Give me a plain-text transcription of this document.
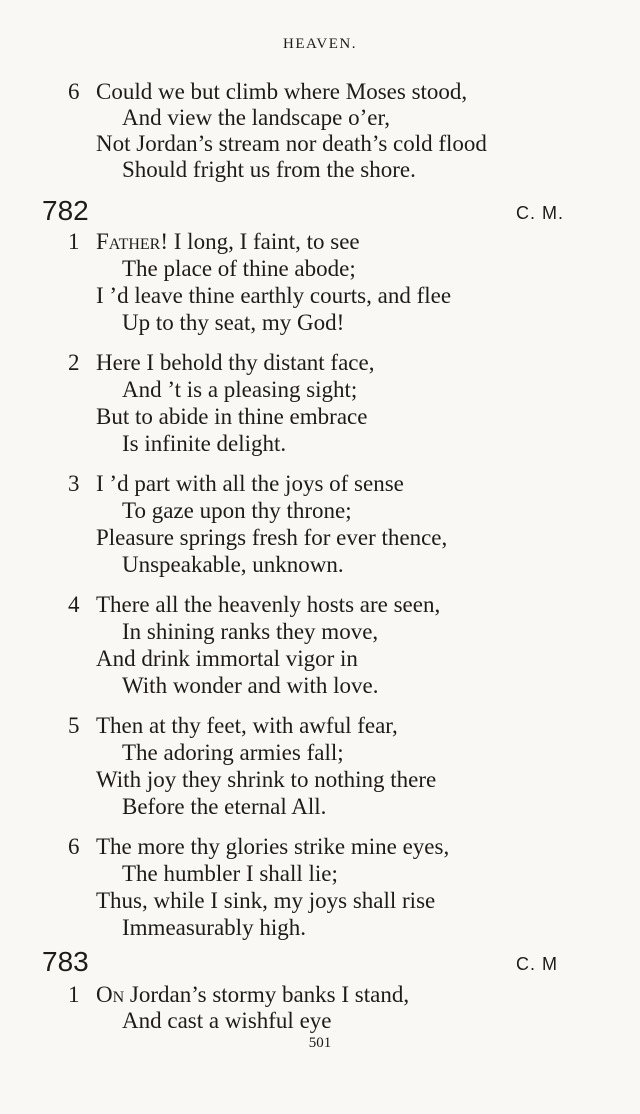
HEAVEN.
6 Could we but climb where Moses stood,
And view the landscape o’er,
Not Jordan’s stream nor death’s cold flood
Should fright us from the shore.
782	C. M.
1 Father! I long, I faint, to see
The place of thine abode;
I ’d leave thine earthly courts, and flee
Up to thy seat, my God!
2 Here I behold thy distant face,
And ’t is a pleasing sight;
But to abide in thine embrace
Is infinite delight.
3 I ’d part with all the joys of sense
To gaze upon thy throne;
Pleasure springs fresh for ever thence,
Unspeakable, unknown.
4 There all the heavenly hosts are seen,
In shining ranks they move,
And drink immortal vigor in
With wonder and with love.
5 Then at thy feet, with awful fear,
The adoring armies fall;
With joy they shrink to nothing there
Before the eternal All.
6 The more thy glories strike mine eyes,
The humbler I shall lie;
Thus, while I sink, my joys shall rise
Immeasurably high.
783	C. M
1 On Jordan’s stormy banks I stand,
And cast a wishful eye
501
